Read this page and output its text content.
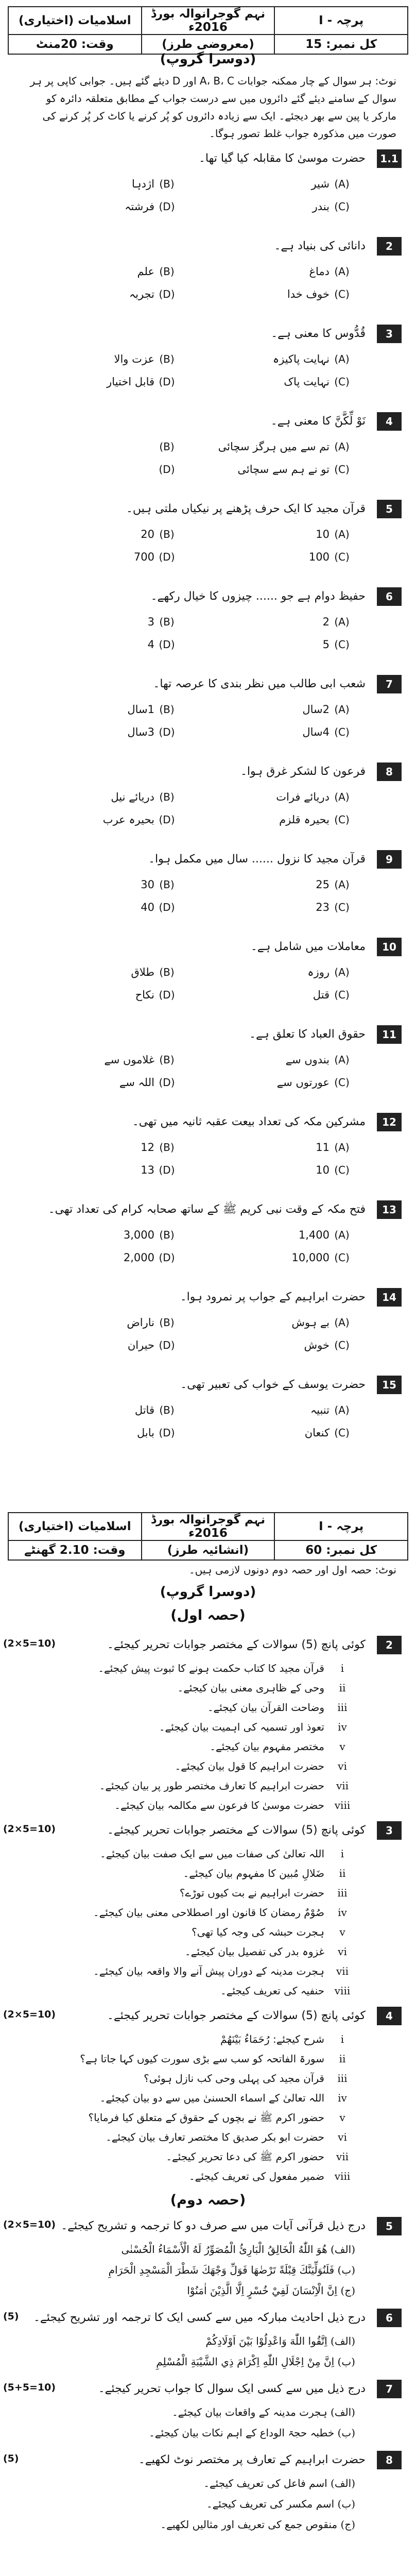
اسلامیات (اختیاری)	نہم گوجرانوالہ بورڈ 2016ء	پرچہ - I
وقت: 20منٹ	(معروضی طرز)	کل نمبر: 15
(دوسرا گروپ)
نوٹ: ہر سوال کے چار ممکنہ جوابات A، B، C اور D دیئے گئے ہیں۔ جوابی کاپی پر ہر سوال کے سامنے دیئے گئے دائروں میں سے درست جواب کے مطابق متعلقہ دائرہ کو مارکر یا پین سے بھر دیجئے۔ ایک سے زیادہ دائروں کو پُر کرنے یا کاٹ کر پُر کرنے کی صورت میں مذکورہ جواب غلط تصور ہوگا۔
1.1
حضرت موسیٰ کا مقابلہ کیا گیا تھا۔
(A)
شیر
(B)
اژدہا
(C)
بندر
(D)
فرشتہ
2
دانائی کی بنیاد ہے۔
(A)
دماغ
(B)
علم
(C)
خوف خدا
(D)
تجربہ
3
قُدُّوس کا معنی ہے۔
(A)
نہایت پاکیزہ
(B)
عزت والا
(C)
نہایت پاک
(D)
قابل اختیار
4
نَوْ لِّکَّنَّ کا معنی ہے۔
(A)
تم سے میں ہرگز سچائی
(B)
(C)
تو نے ہم سے سچائی
(D)
5
قرآن مجید کا ایک حرف پڑھنے پر نیکیاں ملتی ہیں۔
(A)
10
(B)
20
(C)
100
(D)
700
6
حفیظ دوام ہے جو ...... چیزوں کا خیال رکھے۔
(A)
2
(B)
3
(C)
5
(D)
4
7
شعب ابی طالب میں نظر بندی کا عرصہ تھا۔
(A)
2سال
(B)
1سال
(C)
4سال
(D)
3سال
8
فرعون کا لشکر غرق ہوا۔
(A)
دریائے فرات
(B)
دریائے نیل
(C)
بحیرہ قلزم
(D)
بحیرہ عرب
9
قرآن مجید کا نزول ...... سال میں مکمل ہوا۔
(A)
25
(B)
30
(C)
23
(D)
40
10
معاملات میں شامل ہے۔
(A)
روزہ
(B)
طلاق
(C)
قتل
(D)
نکاح
11
حقوق العباد کا تعلق ہے۔
(A)
بندوں سے
(B)
غلاموں سے
(C)
عورتوں سے
(D)
اللہ سے
12
مشرکین مکہ کی تعداد بیعت عقبہ ثانیہ میں تھی۔
(A)
11
(B)
12
(C)
10
(D)
13
13
فتح مکہ کے وقت نبی کریم ﷺ کے ساتھ صحابہ کرام کی تعداد تھی۔
(A)
1,400
(B)
3,000
(C)
10,000
(D)
2,000
14
حضرت ابراہیم کے جواب پر نمرود ہوا۔
(A)
بے ہوش
(B)
ناراض
(C)
خوش
(D)
حیران
15
حضرت یوسف کے خواب کی تعبیر تھی۔
(A)
تنبیہ
(B)
قاتل
(C)
کنعان
(D)
بابل
اسلامیات (اختیاری)	نہم گوجرانوالہ بورڈ 2016ء	پرچہ - I
وقت: 2.10 گھنٹے	(انشائیہ طرز)	کل نمبر: 60
نوٹ: حصہ اول اور حصہ دوم دونوں لازمی ہیں۔
(دوسرا گروپ)
(حصہ اول)
2
کوئی پانچ (5) سوالات کے مختصر جوابات تحریر کیجئے۔
(2×5=10)
i
قرآن مجید کا کتاب حکمت ہونے کا ثبوت پیش کیجئے۔
ii
وحی کے ظاہری معنی بیان کیجئے۔
iii
وضاحت القرآن بیان کیجئے۔
iv
تعوذ اور تسمیہ کی اہمیت بیان کیجئے۔
v
مختصر مفہوم بیان کیجئے۔
vi
حضرت ابراہیم کا قول بیان کیجئے۔
vii
حضرت ابراہیم کا تعارف مختصر طور پر بیان کیجئے۔
viii
حضرت موسیٰ کا فرعون سے مکالمہ بیان کیجئے۔
3
کوئی پانچ (5) سوالات کے مختصر جوابات تحریر کیجئے۔
(2×5=10)
i
اللہ تعالیٰ کی صفات میں سے ایک صفت بیان کیجئے۔
ii
ضَلالِ مُبین کا مفہوم بیان کیجئے۔
iii
حضرت ابراہیم نے بت کیوں توڑے؟
iv
صُوْمٌ رمضان کا قانون اور اصطلاحی معنی بیان کیجئے۔
v
ہجرت حبشہ کی وجہ کیا تھی؟
vi
غزوہ بدر کی تفصیل بیان کیجئے۔
vii
ہجرت مدینہ کے دوران پیش آنے والا واقعہ بیان کیجئے۔
viii
حنفیہ کی تعریف کیجئے۔
4
کوئی پانچ (5) سوالات کے مختصر جوابات تحریر کیجئے۔
(2×5=10)
i
شرح کیجئے: رُحَمَاءُ بَيْنَهُمْ
ii
سورۃ الفاتحہ کو سب سے بڑی سورت کیوں کہا جاتا ہے؟
iii
قرآن مجید کی پہلی وحی کب نازل ہوئی؟
iv
اللہ تعالیٰ کے اسماء الحسنیٰ میں سے دو بیان کیجئے۔
v
حضور اکرم ﷺ نے بچوں کے حقوق کے متعلق کیا فرمایا؟
vi
حضرت ابو بکر صدیق کا مختصر تعارف بیان کیجئے۔
vii
حضور اکرم ﷺ کی دعا تحریر کیجئے۔
viii
ضمیر مفعول کی تعریف کیجئے۔
(حصہ دوم)
5
درج ذیل قرآنی آیات میں سے صرف دو کا ترجمہ و تشریح کیجئے۔
(2×5=10)
(الف) هُوَ اللّٰهُ الْخَالِقُ الْبَارِئُ الْمُصَوِّرُ لَهُ الْأَسْمَاءُ الْحُسْنٰى
(ب) فَلَنُوَلِّيَنَّكَ قِبْلَةً تَرْضٰهَا فَوَلِّ وَجْهَكَ شَطْرَ الْمَسْجِدِ الْحَرَامِ
(ج) اِنَّ الْاِنْسَانَ لَفِيْ خُسْرٍ اِلَّا الَّذِيْنَ اٰمَنُوْا
6
درج ذیل احادیث مبارکہ میں سے کسی ایک کا ترجمہ اور تشریح کیجئے۔
(5)
(الف) اِتَّقُوا اللّٰهَ وَاعْدِلُوْا بَيْنَ اَوْلَادِكُمْ
(ب) اِنَّ مِنْ اِجْلَالِ اللّٰهِ اِكْرَامَ ذِي الشَّيْبَةِ الْمُسْلِمِ
7
درج ذیل میں سے کسی ایک سوال کا جواب تحریر کیجئے۔
(5+5=10)
(الف) ہجرت مدینہ کے واقعات بیان کیجئے۔
(ب) خطبہ حجۃ الوداع کے اہم نکات بیان کیجئے۔
8
حضرت ابراہیم کے تعارف پر مختصر نوٹ لکھیے۔
(5)
(الف) اسم فاعل کی تعریف کیجئے۔
(ب) اسم مکسر کی تعریف کیجئے۔
(ج) منقوص جمع کی تعریف اور مثالیں لکھیے۔
